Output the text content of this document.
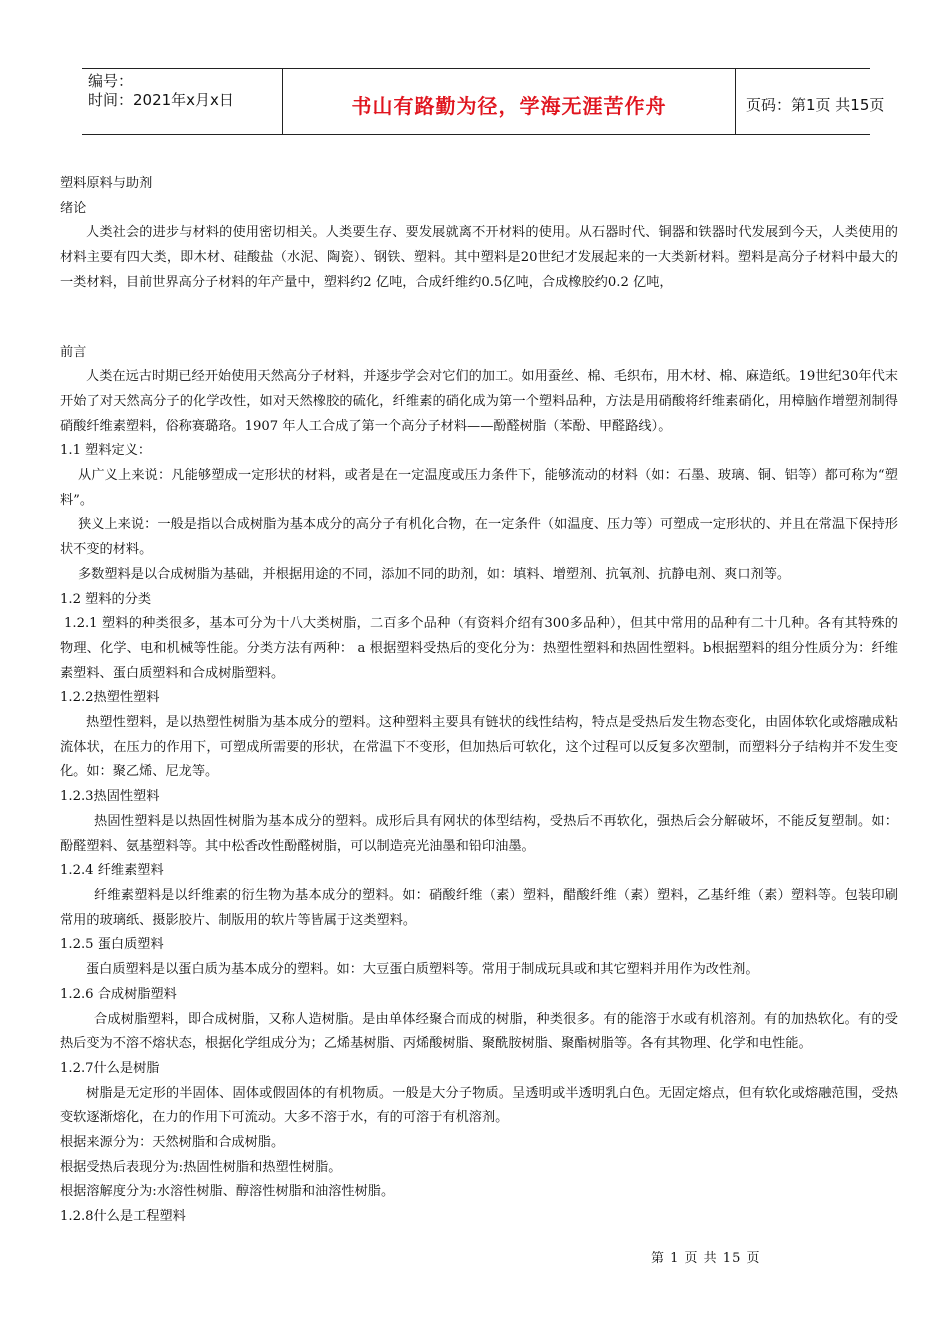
编号：
时间：2021年x月x日	书山有路勤为径，学海无涯苦作舟	页码：第1页 共15页

塑料原料与助剂

绪论

人类社会的进步与材料的使用密切相关。人类要生存、要发展就离不开材料的使用。从石器时代、铜器和铁器时代发展到今天，人类使用的材料主要有四大类，即木材、硅酸盐（水泥、陶瓷）、钢铁、塑料。其中塑料是20世纪才发展起来的一大类新材料。塑料是高分子材料中最大的一类材料，目前世界高分子材料的年产量中，塑料约2 亿吨，合成纤维约0.5亿吨，合成橡胶约0.2 亿吨，

前言

人类在远古时期已经开始使用天然高分子材料，并逐步学会对它们的加工。如用蚕丝、棉、毛织布，用木材、棉、麻造纸。19世纪30年代末开始了对天然高分子的化学改性，如对天然橡胶的硫化，纤维素的硝化成为第一个塑料品种，方法是用硝酸将纤维素硝化，用樟脑作增塑剂制得硝酸纤维素塑料，俗称赛璐珞。1907 年人工合成了第一个高分子材料——酚醛树脂（苯酚、甲醛路线）。

1.1 塑料定义：

从广义上来说：凡能够塑成一定形状的材料，或者是在一定温度或压力条件下，能够流动的材料（如：石墨、玻璃、铜、铝等）都可称为“塑料”。

狭义上来说：一般是指以合成树脂为基本成分的高分子有机化合物，在一定条件（如温度、压力等）可塑成一定形状的、并且在常温下保持形状不变的材料。

多数塑料是以合成树脂为基础，并根据用途的不同，添加不同的助剂，如：填料、增塑剂、抗氧剂、抗静电剂、爽口剂等。

1.2 塑料的分类

1.2.1 塑料的种类很多，基本可分为十八大类树脂，二百多个品种（有资料介绍有300多品种），但其中常用的品种有二十几种。各有其特殊的物理、化学、电和机械等性能。分类方法有两种： a 根据塑料受热后的变化分为：热塑性塑料和热固性塑料。b根据塑料的组分性质分为：纤维素塑料、蛋白质塑料和合成树脂塑料。

1.2.2热塑性塑料

热塑性塑料，是以热塑性树脂为基本成分的塑料。这种塑料主要具有链状的线性结构，特点是受热后发生物态变化，由固体软化或熔融成粘流体状，在压力的作用下，可塑成所需要的形状，在常温下不变形，但加热后可软化，这个过程可以反复多次塑制，而塑料分子结构并不发生变化。如：聚乙烯、尼龙等。

1.2.3热固性塑料

热固性塑料是以热固性树脂为基本成分的塑料。成形后具有网状的体型结构，受热后不再软化，强热后会分解破坏，不能反复塑制。如：酚醛塑料、氨基塑料等。其中松香改性酚醛树脂，可以制造亮光油墨和铅印油墨。

1.2.4 纤维素塑料

纤维素塑料是以纤维素的衍生物为基本成分的塑料。如：硝酸纤维（素）塑料，醋酸纤维（素）塑料，乙基纤维（素）塑料等。包装印刷常用的玻璃纸、摄影胶片、制版用的软片等皆属于这类塑料。

1.2.5 蛋白质塑料

蛋白质塑料是以蛋白质为基本成分的塑料。如：大豆蛋白质塑料等。常用于制成玩具或和其它塑料并用作为改性剂。

1.2.6 合成树脂塑料

合成树脂塑料，即合成树脂，又称人造树脂。是由单体经聚合而成的树脂，种类很多。有的能溶于水或有机溶剂。有的加热软化。有的受热后变为不溶不熔状态，根据化学组成分为；乙烯基树脂、丙烯酸树脂、聚酰胺树脂、聚酯树脂等。各有其物理、化学和电性能。

1.2.7什么是树脂

树脂是无定形的半固体、固体或假固体的有机物质。一般是大分子物质。呈透明或半透明乳白色。无固定熔点，但有软化或熔融范围，受热变软逐渐熔化，在力的作用下可流动。大多不溶于水，有的可溶于有机溶剂。

根据来源分为：天然树脂和合成树脂。

根据受热后表现分为:热固性树脂和热塑性树脂。

根据溶解度分为:水溶性树脂、醇溶性树脂和油溶性树脂。

1.2.8什么是工程塑料

第 1 页 共 15 页
